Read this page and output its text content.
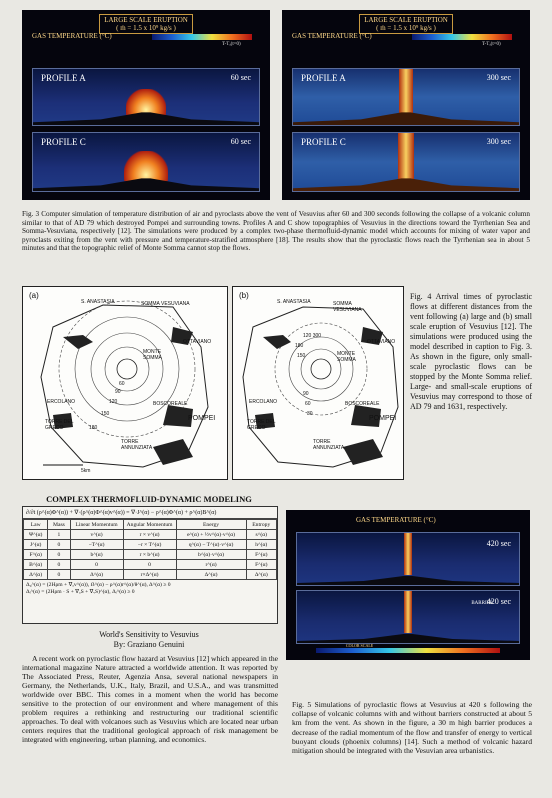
LARGE SCALE ERUPTION
( ṁ = 1.5 x 10⁹ kg/s )
GAS TEMPERATURE (°C)
T-Tₐ(t=0)
PROFILE A	60 sec
PROFILE C	60 sec
LARGE SCALE ERUPTION
( ṁ = 1.5 x 10⁹ kg/s )
GAS TEMPERATURE (°C)
T-Tₐ(t=0)
PROFILE A	300 sec
PROFILE C	300 sec
Fig. 3 Computer simulation of temperature distribution of air and pyroclasts above the vent of Vesuvius after 60 and 300 seconds following the collapse of a volcanic column similar to that of AD 79 which destroyed Pompei and surrounding towns. Profiles A and C show topographies of Vesuvius in the directions toward the Tyrrhenian Sea and Somma-Vesuviana, respectively [12]. The simulations were produced by a complex two-phase thermofluid-dynamic model which accounts for mixing of water vapor and pyroclasts exiting from the vent with pressure and temperature-stratified atmosphere [18]. The results show that the pyroclastic flows reach the Tyrrhenian sea in about 5 minutes and that the topographic relief of Monte Somma cannot stop the flows.
(a)
S. ANASTASIA	SOMMA VESUVIANA
OTTAVIANO
MONTE SOMMA
ERCOLANO
TORRE DEL GRECO
BOSCOREALE
TORRE ANNUNZIATA
POMPEI
180
150
120
90
60
5km
(b)
S. ANASTASIA	SOMMA VESUVIANA
OTTAVIANO
MONTE SOMMA
ERCOLANO
TORRE DEL GRECO
BOSCOREALE
TORRE ANNUNZIATA
POMPEI
120 300
180
150
90
60
30
Fig. 4 Arrival times of pyroclastic flows at different distances from the vent following (a) large and (b) small scale eruption of Vesuvius [12]. The simulations were produced using the model described in caption to Fig. 3. As shown in the figure, only small-scale pyroclastic flows can be stopped by the Monte Somma relief. Large- and small-scale eruptions of Vesuvius may correspond to those of AD 79 and 1631, respectively.
COMPLEX THERMOFLUID-DYNAMIC MODELING
∂/∂t (ρ^(α)Φ^(α)) + ∇·(ρ^(α)Φ^(α)v^(α)) = ∇·J^(α) − ρ^(α)Φ^(α) + ρ^(α)B^(α)
Law	Mass	Linear Momentum	Angular Momentum	Energy	Entropy
Ψ^(α)	1	v^(α)	r × v^(α)	e^(α) + ½v^(α)·v^(α)	s^(α)
J^(α)	0	−T^(α)	−r × T^(α)	q^(α) − T^(α)·v^(α)	h^(α)
F^(α)	0	b^(α)	r × b^(α)	b^(α)·v^(α)	F^(α)
B^(α)	0	0	0	r^(α)	F^(α)
Δ^(α)	0	Δ^(α)	r×Δ^(α)	Δ^(α)	Δ^(α)
Δ₀^(α) = (2Hρm + ∇ₐv^(α)), ẞ^(α) − ρ^(α)r^(α)/θ^(α), Δ^(α) ≥ 0
Δᵢ^(α) = (2Hρm · S + ∇ₐS + ∇ᵥS)^(α), Δᵢ^(α) ≥ 0
World's Sensitivity to Vesuvius
By: Graziano Genuini
A recent work on pyroclastic flow hazard at Vesuvius [12] which appeared in the international magazine Nature attracted a worldwide attention. It was reported by The Associated Press, Reuter, Agenzia Ansa, several national newspapers in Germany, the Netherlands, U.K., Italy, Brazil, and U.S.A., and was transmitted worldwide over BBC. This comes in a moment when the world has become sensitive to the protection of our environment and where management of this problem requires a rethinking and restructuring our traditional scientific approaches. To deal with volcanoes such as Vesuvius which are located near urban centers requires that the traditional geological approach of risk management be integrated with engineering, urban planning, and economics.
GAS TEMPERATURE (°C)
420 sec
420 sec
BARRIER
COLOR SCALE
Fig. 5 Simulations of pyroclastic flows at Vesuvius at 420 s following the collapse of volcanic columns with and without barriers constructed at about 5 km from the vent. As shown in the figure, a 30 m high barrier produces a decrease of the radial momentum of the flow and transfer of energy to vertical buoyant clouds (phoenix columns) [14]. Such a method of volcanic hazard mitigation should be integrated with the Vesuvian area urbanistics.
